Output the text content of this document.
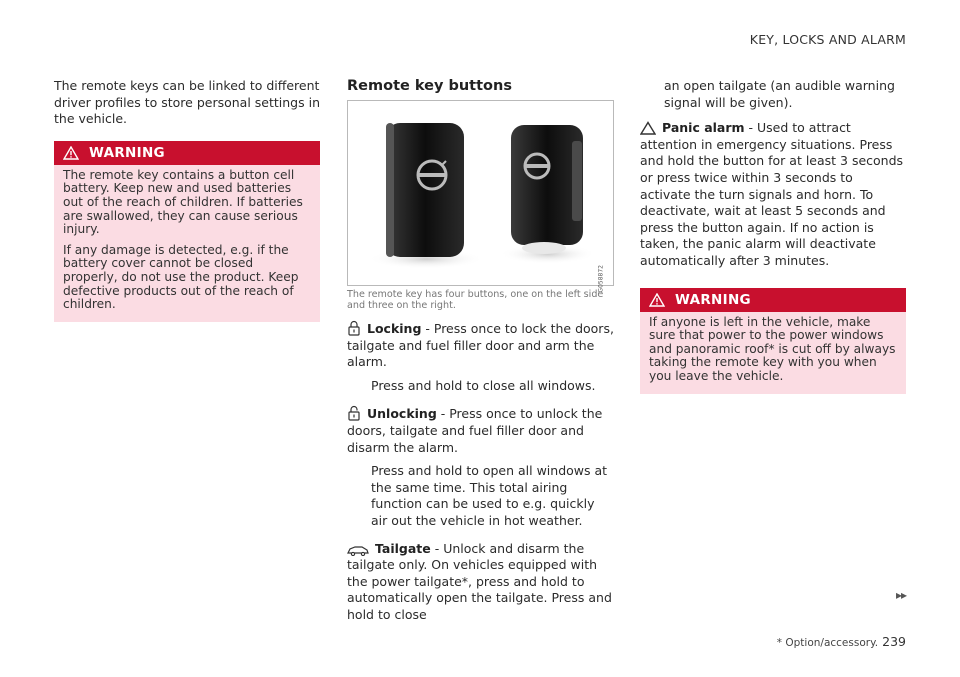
KEY, LOCKS AND ALARM

The remote keys can be linked to different driver profiles to store personal settings in the vehicle.

WARNING

The remote key contains a button cell battery. Keep new and used batteries out of the reach of children. If batteries are swallowed, they can cause serious injury.

If any damage is detected, e.g. if the battery cover cannot be closed properly, do not use the product. Keep defective products out of the reach of children.

Remote key buttons
G058872

The remote key has four buttons, one on the left side and three on the right.

Locking - Press once to lock the doors, tailgate and fuel filler door and arm the alarm.

Press and hold to close all windows.

Unlocking - Press once to unlock the doors, tailgate and fuel filler door and disarm the alarm.

Press and hold to open all windows at the same time. This total airing function can be used to e.g. quickly air out the vehicle in hot weather.

Tailgate - Unlock and disarm the tailgate only. On vehicles equipped with the power tailgate*, press and hold to automatically open the tailgate. Press and hold to close

an open tailgate (an audible warning signal will be given).

Panic alarm - Used to attract attention in emergency situations. Press and hold the button for at least 3 seconds or press twice within 3 seconds to activate the turn signals and horn. To deactivate, wait at least 5 seconds and press the button again. If no action is taken, the panic alarm will deactivate automatically after 3 minutes.

WARNING

If anyone is left in the vehicle, make sure that power to the power windows and panoramic roof* is cut off by always taking the remote key with you when you leave the vehicle.

▸▸
* Option/accessory. 239
